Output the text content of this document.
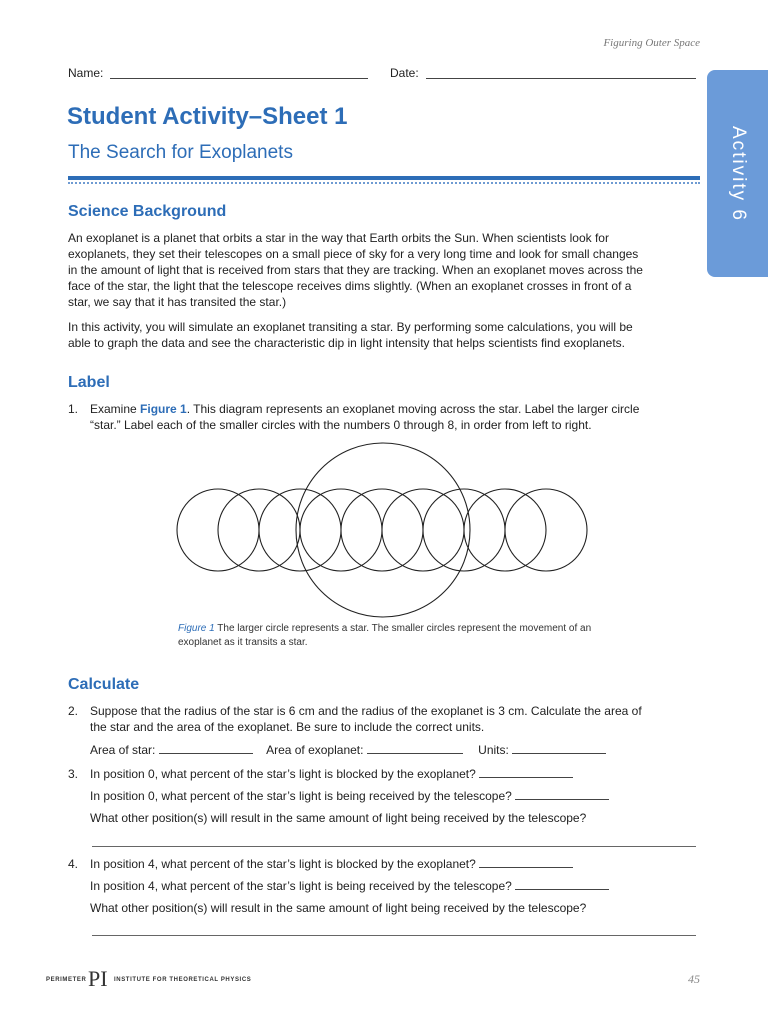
Figuring Outer Space
Name:	Date:
Student Activity–Sheet 1
The Search for Exoplanets	Activity 6
Science Background

An exoplanet is a planet that orbits a star in the way that Earth orbits the Sun. When scientists look for
exoplanets, they set their telescopes on a small piece of sky for a very long time and look for small changes
in the amount of light that is received from stars that they are tracking. When an exoplanet moves across the
face of the star, the light that the telescope receives dims slightly. (When an exoplanet crosses in front of a
star, we say that it has transited the star.)

In this activity, you will simulate an exoplanet transiting a star. By performing some calculations, you will be
able to graph the data and see the characteristic dip in light intensity that helps scientists find exoplanets.

Label
1. Examine Figure 1. This diagram represents an exoplanet moving across the star. Label the larger circle
“star.” Label each of the smaller circles with the numbers 0 through 8, in order from left to right.
Figure 1 The larger circle represents a star. The smaller circles represent the movement of an
exoplanet as it transits a star.
Calculate
2. Suppose that the radius of the star is 6 cm and the radius of the exoplanet is 3 cm. Calculate the area of
the star and the area of the exoplanet. Be sure to include the correct units.
Area of star:	Area of exoplanet:	Units:
3. In position 0, what percent of the star’s light is blocked by the exoplanet?
In position 0, what percent of the star’s light is being received by the telescope?
What other position(s) will result in the same amount of light being received by the telescope?
4. In position 4, what percent of the star’s light is blocked by the exoplanet?
In position 4, what percent of the star’s light is being received by the telescope?
What other position(s) will result in the same amount of light being received by the telescope?
PERIMETER PI INSTITUTE FOR THEORETICAL PHYSICS	45
